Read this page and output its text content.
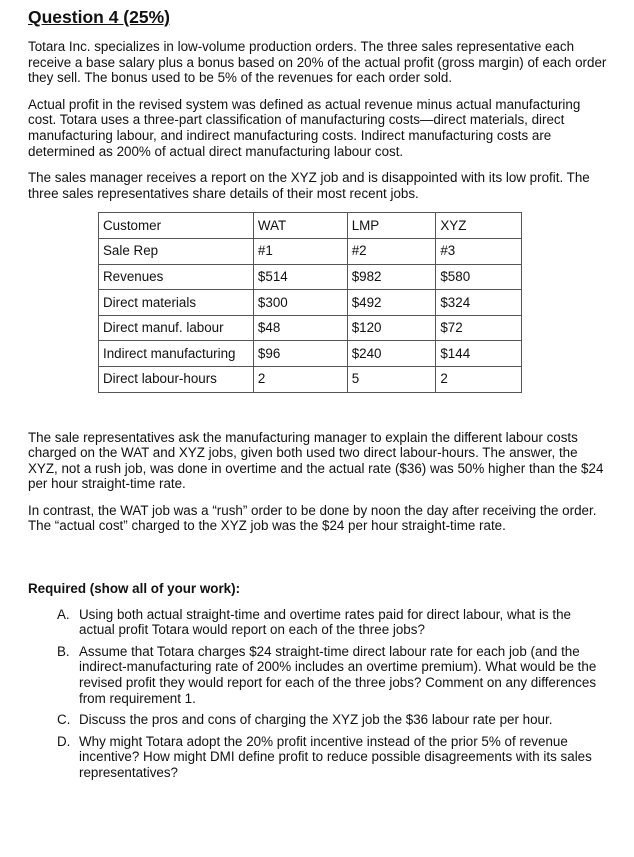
Question 4 (25%)

Totara Inc. specializes in low-volume production orders. The three sales representative each receive a base salary plus a bonus based on 20% of the actual profit (gross margin) of each order they sell. The bonus used to be 5% of the revenues for each order sold.

Actual profit in the revised system was defined as actual revenue minus actual manufacturing cost. Totara uses a three-part classification of manufacturing costs—direct materials, direct manufacturing labour, and indirect manufacturing costs. Indirect manufacturing costs are determined as 200% of actual direct manufacturing labour cost.

The sales manager receives a report on the XYZ job and is disappointed with its low profit. The three sales representatives share details of their most recent jobs.

Customer	WAT	LMP	XYZ
Sale Rep	#1	#2	#3
Revenues	$514	$982	$580
Direct materials	$300	$492	$324
Direct manuf. labour	$48	$120	$72
Indirect manufacturing	$96	$240	$144
Direct labour-hours	2	5	2

The sale representatives ask the manufacturing manager to explain the different labour costs charged on the WAT and XYZ jobs, given both used two direct labour-hours. The answer, the XYZ, not a rush job, was done in overtime and the actual rate ($36) was 50% higher than the $24 per hour straight-time rate.

In contrast, the WAT job was a “rush” order to be done by noon the day after receiving the order. The “actual cost” charged to the XYZ job was the $24 per hour straight-time rate.

Required (show all of your work):

A. Using both actual straight-time and overtime rates paid for direct labour, what is the actual profit Totara would report on each of the three jobs?
B. Assume that Totara charges $24 straight-time direct labour rate for each job (and the indirect-manufacturing rate of 200% includes an overtime premium). What would be the revised profit they would report for each of the three jobs? Comment on any differences from requirement 1.
C. Discuss the pros and cons of charging the XYZ job the $36 labour rate per hour.
D. Why might Totara adopt the 20% profit incentive instead of the prior 5% of revenue incentive? How might DMI define profit to reduce possible disagreements with its sales representatives?
